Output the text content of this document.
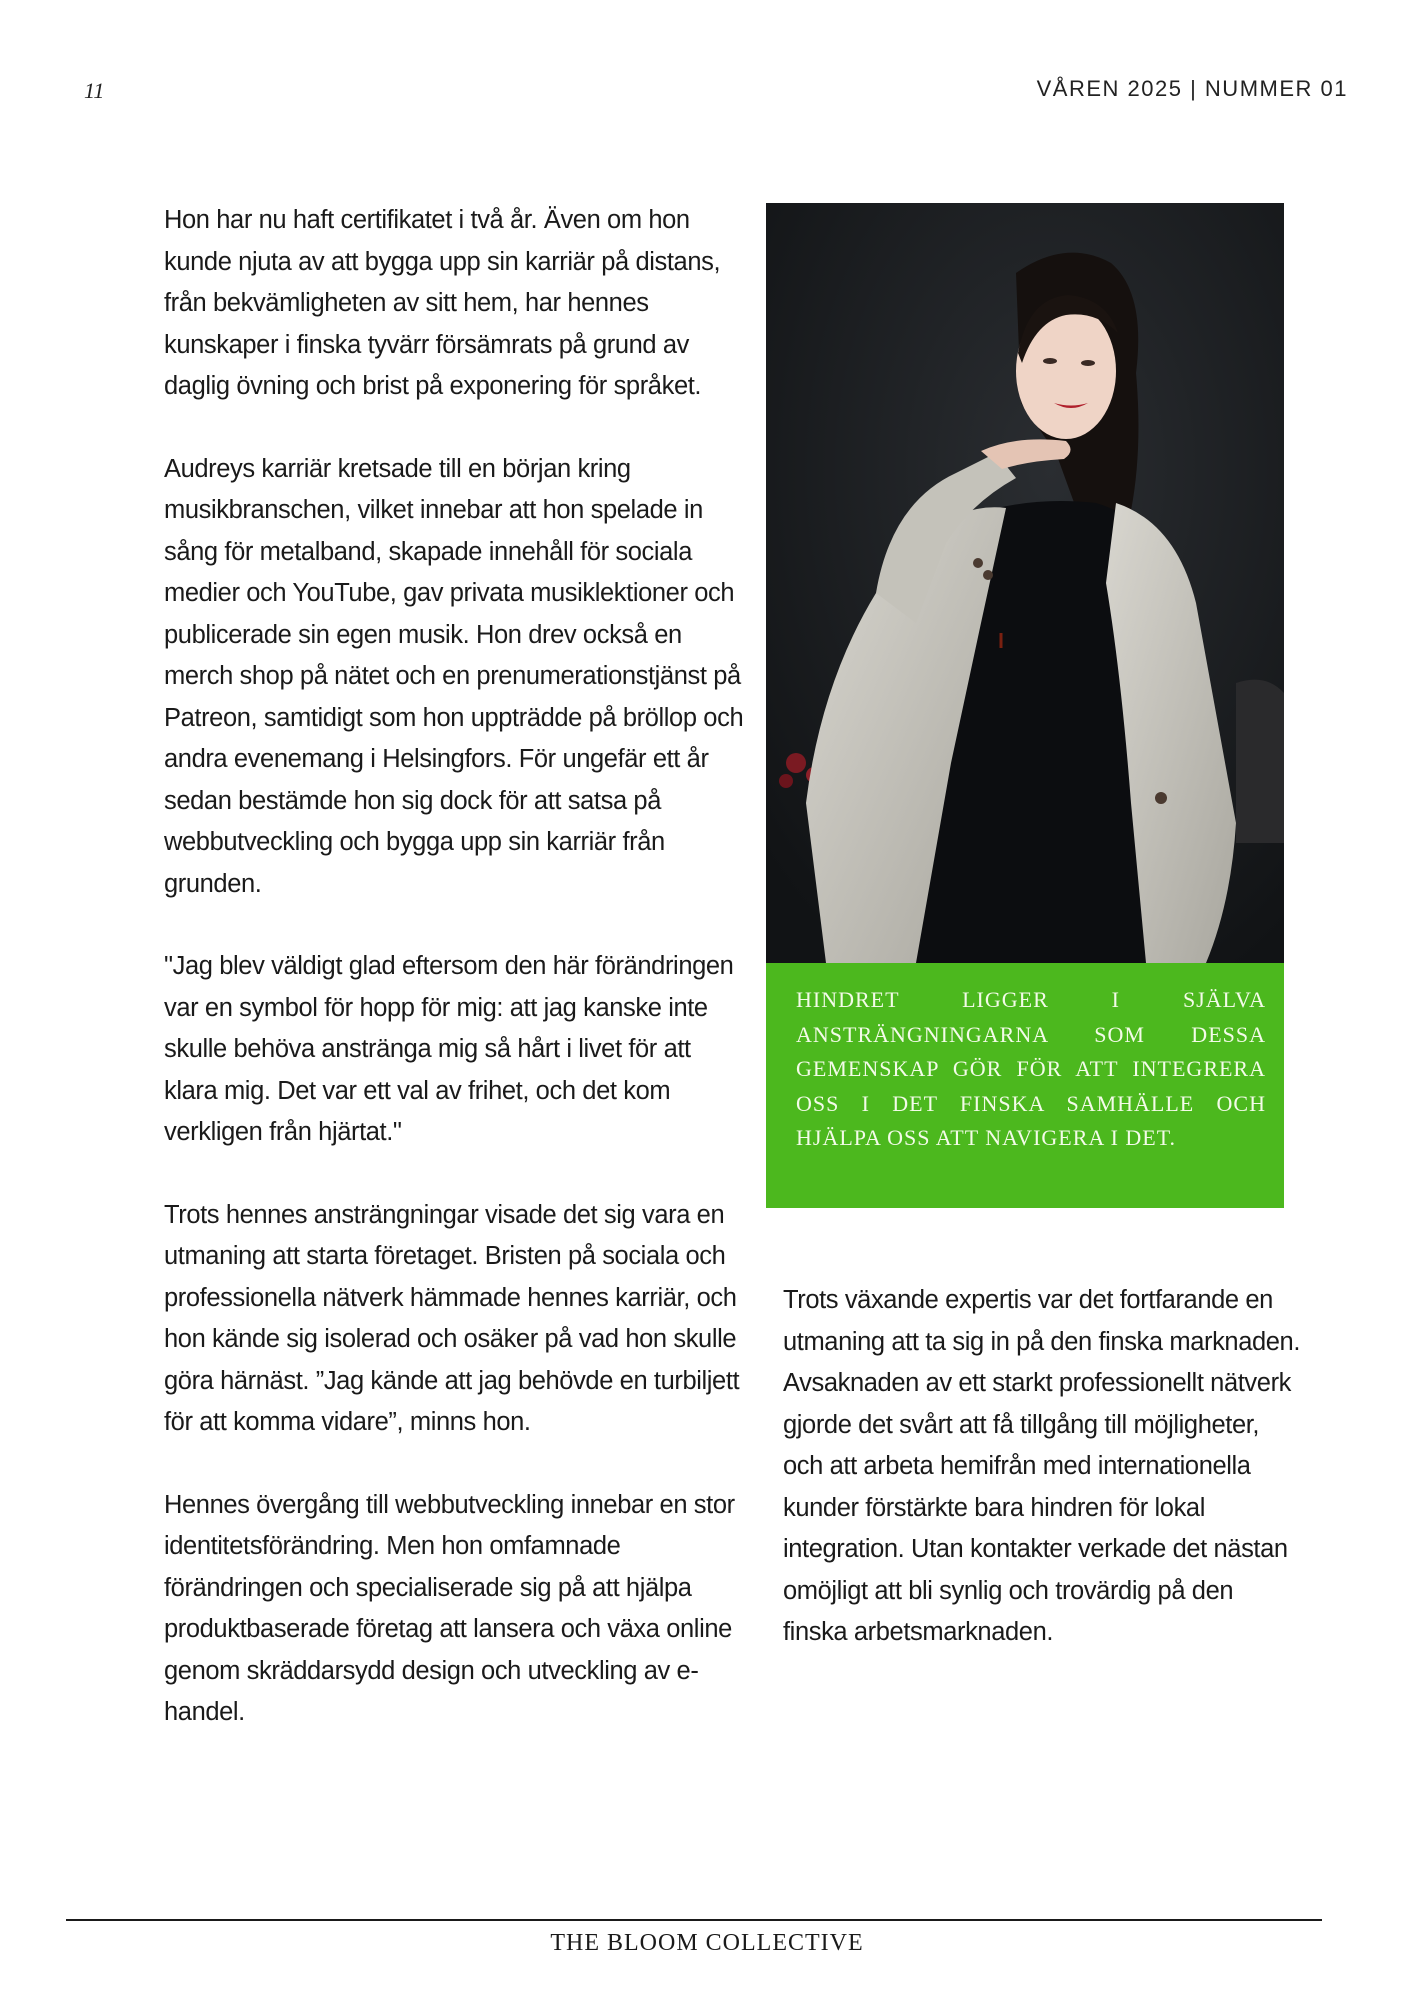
11	VÅREN 2025 | NUMMER 01

Hon har nu haft certifikatet i två år. Även om hon kunde njuta av att bygga upp sin karriär på distans, från bekvämligheten av sitt hem, har hennes kunskaper i finska tyvärr försämrats på grund av daglig övning och brist på exponering för språket.

Audreys karriär kretsade till en början kring musikbranschen, vilket innebar att hon spelade in sång för metalband, skapade innehåll för sociala medier och YouTube, gav privata musiklektioner och publicerade sin egen musik. Hon drev också en merch shop på nätet och en prenumerationstjänst på Patreon, samtidigt som hon uppträdde på bröllop och andra evenemang i Helsingfors. För ungefär ett år sedan bestämde hon sig dock för att satsa på webbutveckling och bygga upp sin karriär från grunden.

"Jag blev väldigt glad eftersom den här förändringen var en symbol för hopp för mig: att jag kanske inte skulle behöva anstränga mig så hårt i livet för att klara mig. Det var ett val av frihet, och det kom verkligen från hjärtat."

Trots hennes ansträngningar visade det sig vara en utmaning att starta företaget. Bristen på sociala och professionella nätverk hämmade hennes karriär, och hon kände sig isolerad och osäker på vad hon skulle göra härnäst. ”Jag kände att jag behövde en turbiljett för att komma vidare”, minns hon.

Hennes övergång till webbutveckling innebar en stor identitetsförändring. Men hon omfamnade förändringen och specialiserade sig på att hjälpa produktbaserade företag att lansera och växa online genom skräddarsydd design och utveckling av e-handel.

HINDRET LIGGER I SJÄLVA ANSTRÄNGNINGARNA SOM DESSA GEMENSKAP GÖR FÖR ATT INTEGRERA OSS I DET FINSKA SAMHÄLLE OCH HJÄLPA OSS ATT NAVIGERA I DET.

Trots växande expertis var det fortfarande en utmaning att ta sig in på den finska marknaden. Avsaknaden av ett starkt professionellt nätverk gjorde det svårt att få tillgång till möjligheter, och att arbeta hemifrån med internationella kunder förstärkte bara hindren för lokal integration. Utan kontakter verkade det nästan omöjligt att bli synlig och trovärdig på den finska arbetsmarknaden.

THE BLOOM COLLECTIVE
